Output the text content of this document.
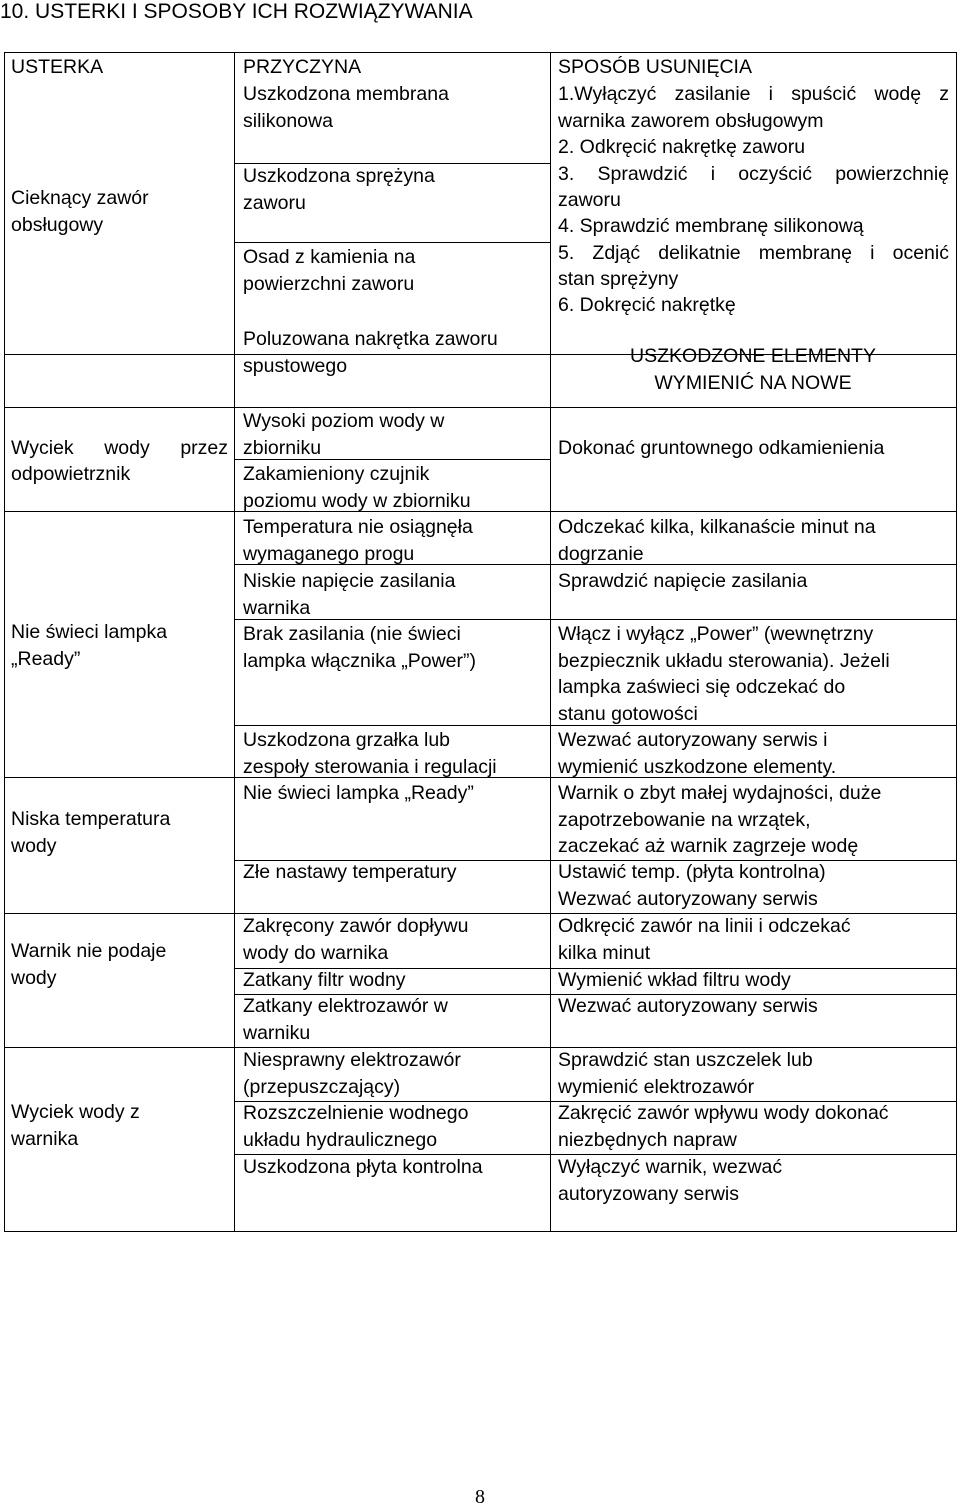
10. USTERKI I SPOSOBY ICH ROZWIĄZYWANIA
USTERKA	PRZYCZYNA	SPOSÓB USUNIĘCIA
Cieknący zawór
obsługowy
Wyciek wody przez
odpowietrznik
Nie świeci lampka
„Ready”
Niska temperatura
wody
Warnik nie podaje
wody
Wyciek wody z
warnika
Uszkodzona membrana
silikonowa
Uszkodzona sprężyna
zaworu
Osad z kamienia na
powierzchni zaworu
Poluzowana nakrętka zaworu
spustowego
Wysoki poziom wody w
zbiorniku
Zakamieniony czujnik
poziomu wody w zbiorniku
Temperatura nie osiągnęła
wymaganego progu
Niskie napięcie zasilania
warnika
Brak zasilania (nie świeci
lampka włącznika „Power”)
Uszkodzona grzałka lub
zespoły sterowania i regulacji
Nie świeci lampka „Ready”
Złe nastawy temperatury
Zakręcony zawór dopływu
wody do warnika
Zatkany filtr wodny
Zatkany elektrozawór w
warniku
Niesprawny elektrozawór
(przepuszczający)
Rozszczelnienie wodnego
układu hydraulicznego
Uszkodzona płyta kontrolna
1.Wyłączyć zasilanie i spuścić wodę z
warnika zaworem obsługowym
2. Odkręcić nakrętkę zaworu
3. Sprawdzić i oczyścić powierzchnię
zaworu
4. Sprawdzić membranę silikonową
5. Zdjąć delikatnie membranę i ocenić
stan sprężyny
6. Dokręcić nakrętkę
USZKODZONE ELEMENTY
WYMIENIĆ NA NOWE
Dokonać gruntownego odkamienienia
Odczekać kilka, kilkanaście minut na
dogrzanie
Sprawdzić napięcie zasilania
Włącz i wyłącz „Power” (wewnętrzny
bezpiecznik układu sterowania). Jeżeli
lampka zaświeci się odczekać do
stanu gotowości
Wezwać autoryzowany serwis i
wymienić uszkodzone elementy.
Warnik o zbyt małej wydajności, duże
zapotrzebowanie na wrzątek,
zaczekać aż warnik zagrzeje wodę
Ustawić temp. (płyta kontrolna)
Wezwać autoryzowany serwis
Odkręcić zawór na linii i odczekać
kilka minut
Wymienić wkład filtru wody
Wezwać autoryzowany serwis
Sprawdzić stan uszczelek lub
wymienić elektrozawór
Zakręcić zawór wpływu wody dokonać
niezbędnych napraw
Wyłączyć warnik, wezwać
autoryzowany serwis
8
